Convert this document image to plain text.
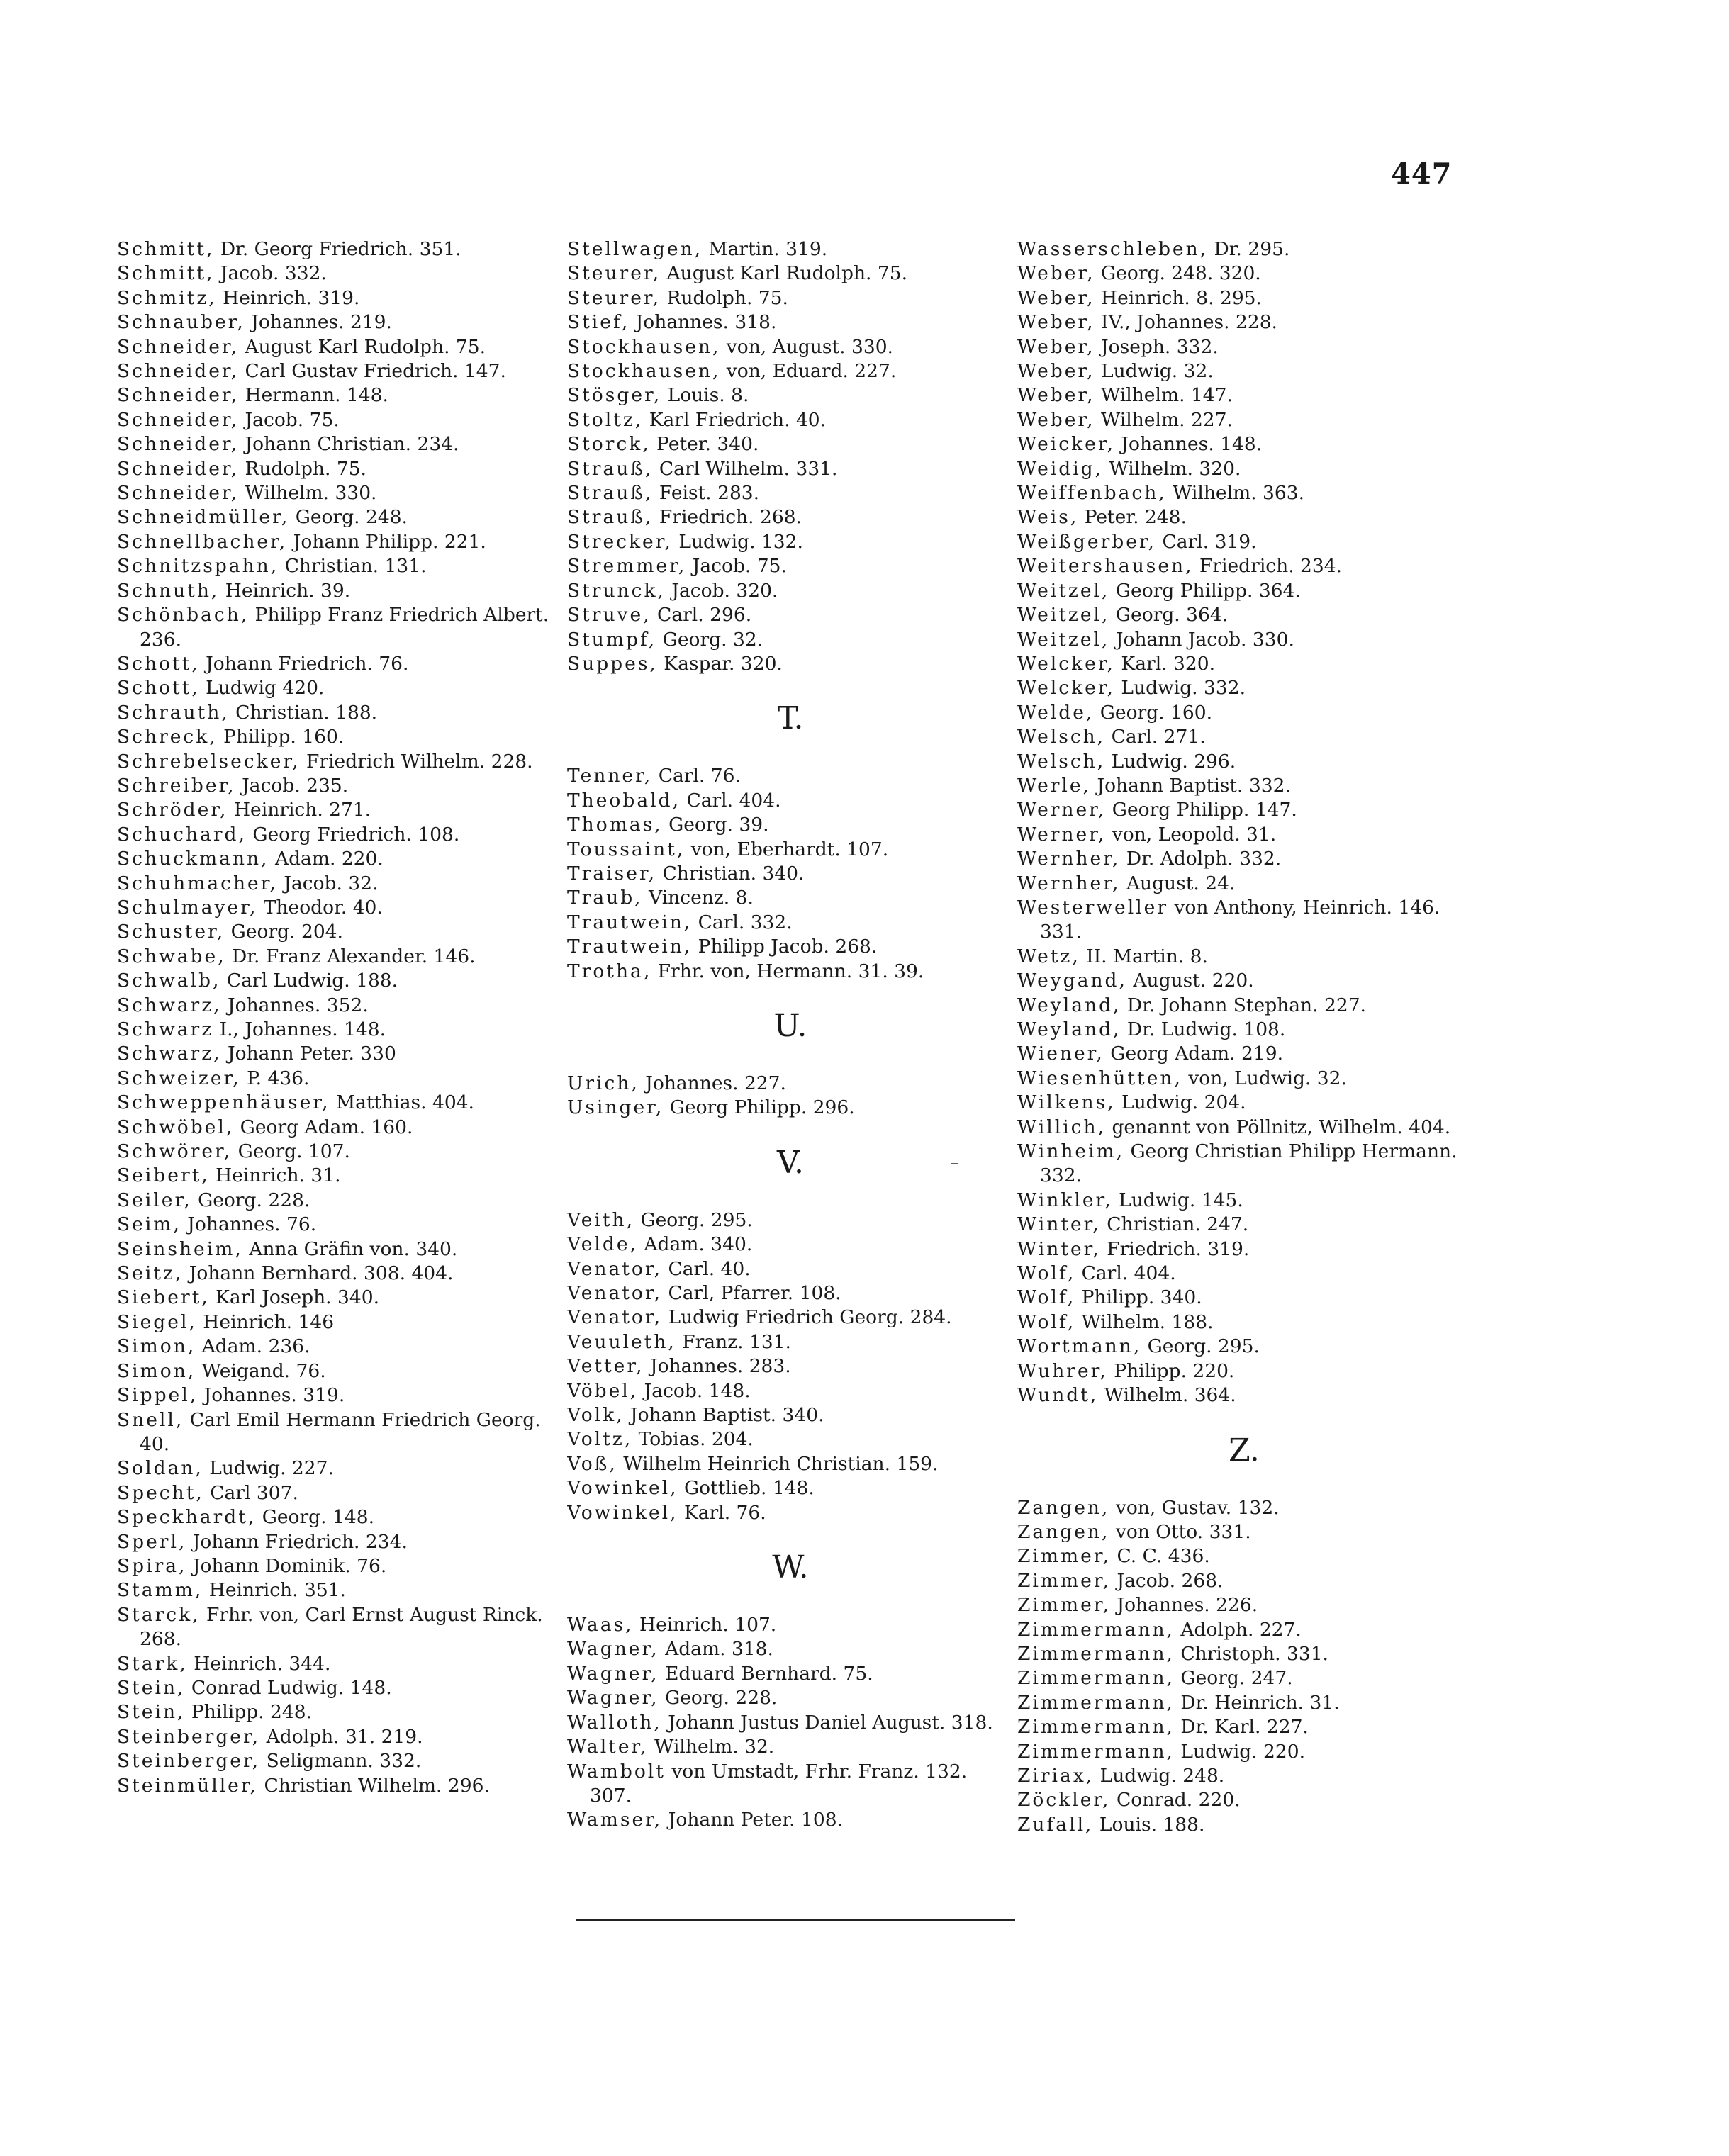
447
Schmitt, Dr. Georg Friedrich. 351.
Schmitt, Jacob. 332.
Schmitz, Heinrich. 319.
Schnauber, Johannes. 219.
Schneider, August Karl Rudolph. 75.
Schneider, Carl Gustav Friedrich. 147.
Schneider, Hermann. 148.
Schneider, Jacob. 75.
Schneider, Johann Christian. 234.
Schneider, Rudolph. 75.
Schneider, Wilhelm. 330.
Schneidmüller, Georg. 248.
Schnellbacher, Johann Philipp. 221.
Schnitzspahn, Christian. 131.
Schnuth, Heinrich. 39.
Schönbach, Philipp Franz Friedrich Albert. 236.
Schott, Johann Friedrich. 76.
Schott, Ludwig 420.
Schrauth, Christian. 188.
Schreck, Philipp. 160.
Schrebelsecker, Friedrich Wilhelm. 228.
Schreiber, Jacob. 235.
Schröder, Heinrich. 271.
Schuchard, Georg Friedrich. 108.
Schuckmann, Adam. 220.
Schuhmacher, Jacob. 32.
Schulmayer, Theodor. 40.
Schuster, Georg. 204.
Schwabe, Dr. Franz Alexander. 146.
Schwalb, Carl Ludwig. 188.
Schwarz, Johannes. 352.
Schwarz I., Johannes. 148.
Schwarz, Johann Peter. 330
Schweizer, P. 436.
Schweppenhäuser, Matthias. 404.
Schwöbel, Georg Adam. 160.
Schwörer, Georg. 107.
Seibert, Heinrich. 31.
Seiler, Georg. 228.
Seim, Johannes. 76.
Seinsheim, Anna Gräfin von. 340.
Seitz, Johann Bernhard. 308. 404.
Siebert, Karl Joseph. 340.
Siegel, Heinrich. 146
Simon, Adam. 236.
Simon, Weigand. 76.
Sippel, Johannes. 319.
Snell, Carl Emil Hermann Friedrich Georg. 40.
Soldan, Ludwig. 227.
Specht, Carl 307.
Speckhardt, Georg. 148.
Sperl, Johann Friedrich. 234.
Spira, Johann Dominik. 76.
Stamm, Heinrich. 351.
Starck, Frhr. von, Carl Ernst August Rinck. 268.
Stark, Heinrich. 344.
Stein, Conrad Ludwig. 148.
Stein, Philipp. 248.
Steinberger, Adolph. 31. 219.
Steinberger, Seligmann. 332.
Steinmüller, Christian Wilhelm. 296.
Stellwagen, Martin. 319.
Steurer, August Karl Rudolph. 75.
Steurer, Rudolph. 75.
Stief, Johannes. 318.
Stockhausen, von, August. 330.
Stockhausen, von, Eduard. 227.
Stösger, Louis. 8.
Stoltz, Karl Friedrich. 40.
Storck, Peter. 340.
Strauß, Carl Wilhelm. 331.
Strauß, Feist. 283.
Strauß, Friedrich. 268.
Strecker, Ludwig. 132.
Stremmer, Jacob. 75.
Strunck, Jacob. 320.
Struve, Carl. 296.
Stumpf, Georg. 32.
Suppes, Kaspar. 320.
T.
Tenner, Carl. 76.
Theobald, Carl. 404.
Thomas, Georg. 39.
Toussaint, von, Eberhardt. 107.
Traiser, Christian. 340.
Traub, Vincenz. 8.
Trautwein, Carl. 332.
Trautwein, Philipp Jacob. 268.
Trotha, Frhr. von, Hermann. 31. 39.
U.
Urich, Johannes. 227.
Usinger, Georg Philipp. 296.
V.
Veith, Georg. 295.
Velde, Adam. 340.
Venator, Carl. 40.
Venator, Carl, Pfarrer. 108.
Venator, Ludwig Friedrich Georg. 284.
Veuuleth, Franz. 131.
Vetter, Johannes. 283.
Vöbel, Jacob. 148.
Volk, Johann Baptist. 340.
Voltz, Tobias. 204.
Voß, Wilhelm Heinrich Christian. 159.
Vowinkel, Gottlieb. 148.
Vowinkel, Karl. 76.
W.
Waas, Heinrich. 107.
Wagner, Adam. 318.
Wagner, Eduard Bernhard. 75.
Wagner, Georg. 228.
Walloth, Johann Justus Daniel August. 318.
Walter, Wilhelm. 32.
Wambolt von Umstadt, Frhr. Franz. 132. 307.
Wamser, Johann Peter. 108.
Wasserschleben, Dr. 295.
Weber, Georg. 248. 320.
Weber, Heinrich. 8. 295.
Weber, IV., Johannes. 228.
Weber, Joseph. 332.
Weber, Ludwig. 32.
Weber, Wilhelm. 147.
Weber, Wilhelm. 227.
Weicker, Johannes. 148.
Weidig, Wilhelm. 320.
Weiffenbach, Wilhelm. 363.
Weis, Peter. 248.
Weißgerber, Carl. 319.
Weitershausen, Friedrich. 234.
Weitzel, Georg Philipp. 364.
Weitzel, Georg. 364.
Weitzel, Johann Jacob. 330.
Welcker, Karl. 320.
Welcker, Ludwig. 332.
Welde, Georg. 160.
Welsch, Carl. 271.
Welsch, Ludwig. 296.
Werle, Johann Baptist. 332.
Werner, Georg Philipp. 147.
Werner, von, Leopold. 31.
Wernher, Dr. Adolph. 332.
Wernher, August. 24.
Westerweller von Anthony, Heinrich. 146. 331.
Wetz, II. Martin. 8.
Weygand, August. 220.
Weyland, Dr. Johann Stephan. 227.
Weyland, Dr. Ludwig. 108.
Wiener, Georg Adam. 219.
Wiesenhütten, von, Ludwig. 32.
Wilkens, Ludwig. 204.
Willich, genannt von Pöllnitz, Wilhelm. 404.
Winheim, Georg Christian Philipp Hermann. 332.
Winkler, Ludwig. 145.
Winter, Christian. 247.
Winter, Friedrich. 319.
Wolf, Carl. 404.
Wolf, Philipp. 340.
Wolf, Wilhelm. 188.
Wortmann, Georg. 295.
Wuhrer, Philipp. 220.
Wundt, Wilhelm. 364.
Z.
Zangen, von, Gustav. 132.
Zangen, von Otto. 331.
Zimmer, C. C. 436.
Zimmer, Jacob. 268.
Zimmer, Johannes. 226.
Zimmermann, Adolph. 227.
Zimmermann, Christoph. 331.
Zimmermann, Georg. 247.
Zimmermann, Dr. Heinrich. 31.
Zimmermann, Dr. Karl. 227.
Zimmermann, Ludwig. 220.
Ziriax, Ludwig. 248.
Zöckler, Conrad. 220.
Zufall, Louis. 188.
–
